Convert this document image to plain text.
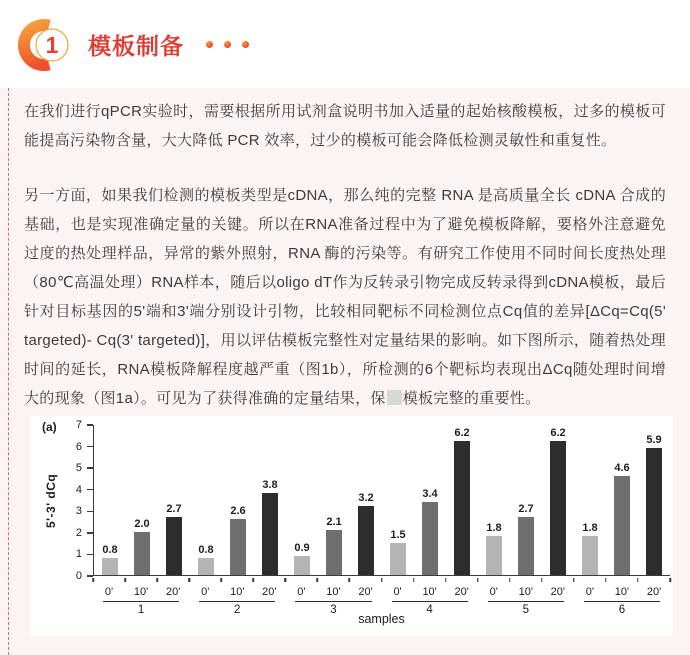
1 模板制备

在我们进行qPCR实验时，需要根据所用试剂盒说明书加入适量的起始核酸模板，过多的模板可能提高污染物含量，大大降低 PCR 效率，过少的模板可能会降低检测灵敏性和重复性。

另一方面，如果我们检测的模板类型是cDNA，那么纯的完整 RNA 是高质量全长 cDNA 合成的基础，也是实现准确定量的关键。所以在RNA准备过程中为了避免模板降解，要格外注意避免过度的热处理样品，异常的紫外照射，RNA 酶的污染等。有研究工作使用不同时间长度热处理（80℃高温处理）RNA样本，随后以oligo dT作为反转录引物完成反转录得到cDNA模板，最后针对目标基因的5'端和3'端分别设计引物，比较相同靶标不同检测位点Cq值的差异[ΔCq=Cq(5' targeted)- Cq(3' targeted)]，用以评估模板完整性对定量结果的影响。如下图所示，随着热处理时间的延长，RNA模板降解程度越严重（图1b），所检测的6个靶标均表现出ΔCq随处理时间增大的现象（图1a）。可见为了获得准确的定量结果，保 模板完整的重要性。

(a)
5'-3' dCq
0
1
2
3
4
5
6
7
0.8
2.0
2.7
0.8
2.6
3.8
0.9
2.1
3.2
1.5
3.4
6.2
1.8
2.7
6.2
1.8
4.6
5.9
0'	10'	20'
1
0'	10'	20'
2
0'	10'	20'
3
0'	10'	20'
4
0'	10'	20'
5
0'	10'	20'
6
samples
